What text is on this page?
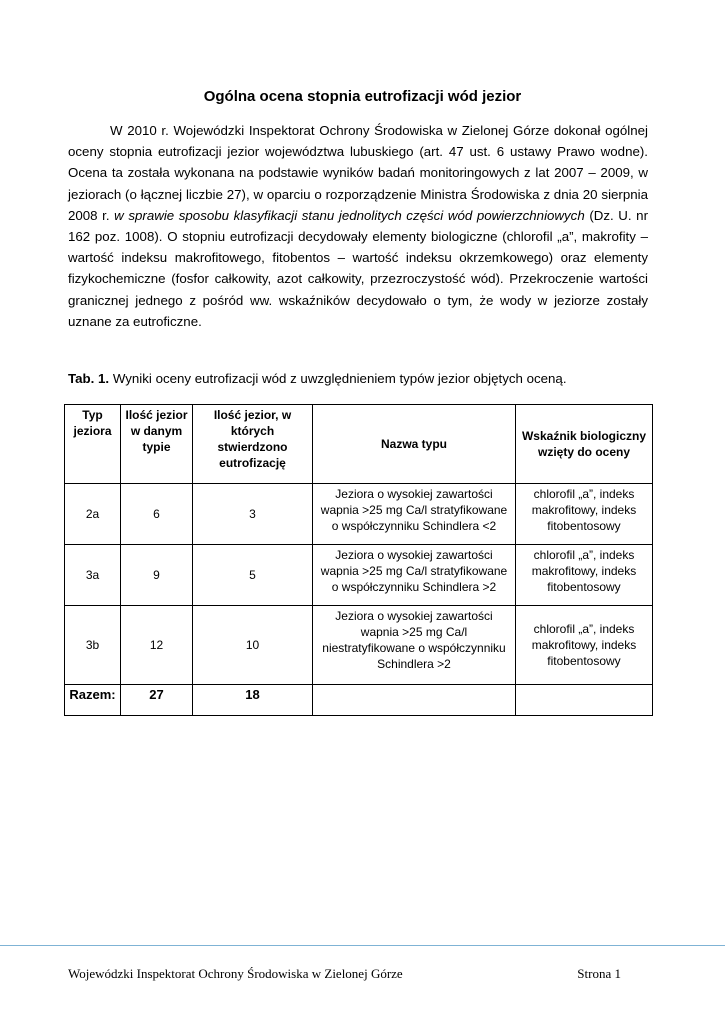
Ogólna ocena stopnia eutrofizacji wód jezior
W 2010 r. Wojewódzki Inspektorat Ochrony Środowiska w Zielonej Górze dokonał ogólnej oceny stopnia eutrofizacji jezior województwa lubuskiego (art. 47 ust. 6 ustawy Prawo wodne). Ocena ta została wykonana na podstawie wyników badań monitoringowych z lat 2007 – 2009, w jeziorach (o łącznej liczbie 27), w oparciu o rozporządzenie Ministra Środowiska z dnia 20 sierpnia 2008 r. w sprawie sposobu klasyfikacji stanu jednolitych części wód powierzchniowych (Dz. U. nr 162 poz. 1008). O stopniu eutrofizacji decydowały elementy biologiczne (chlorofil „a”, makrofity – wartość indeksu makrofitowego, fitobentos – wartość indeksu okrzemkowego) oraz elementy fizykochemiczne (fosfor całkowity, azot całkowity, przezroczystość wód). Przekroczenie wartości granicznej jednego z pośród ww. wskaźników decydowało o tym, że wody w jeziorze zostały uznane za eutroficzne.
Tab. 1. Wyniki oceny eutrofizacji wód z uwzględnieniem typów jezior objętych oceną.
Typ jeziora	Ilość jezior w danym typie	Ilość jezior, w których stwierdzono eutrofizację	Nazwa typu	Wskaźnik biologiczny wzięty do oceny
2a	6	3	Jeziora o wysokiej zawartości wapnia >25 mg Ca/l stratyfikowane o współczynniku Schindlera <2	chlorofil „a”, indeks makrofitowy, indeks fitobentosowy
3a	9	5	Jeziora o wysokiej zawartości wapnia >25 mg Ca/l stratyfikowane o współczynniku Schindlera >2	chlorofil „a”, indeks makrofitowy, indeks fitobentosowy
3b	12	10	Jeziora o wysokiej zawartości wapnia >25 mg Ca/l niestratyfikowane o współczynniku Schindlera >2	chlorofil „a”, indeks makrofitowy, indeks fitobentosowy
Razem:	27	18		
Wojewódzki Inspektorat Ochrony Środowiska w Zielonej Górze	Strona 1
